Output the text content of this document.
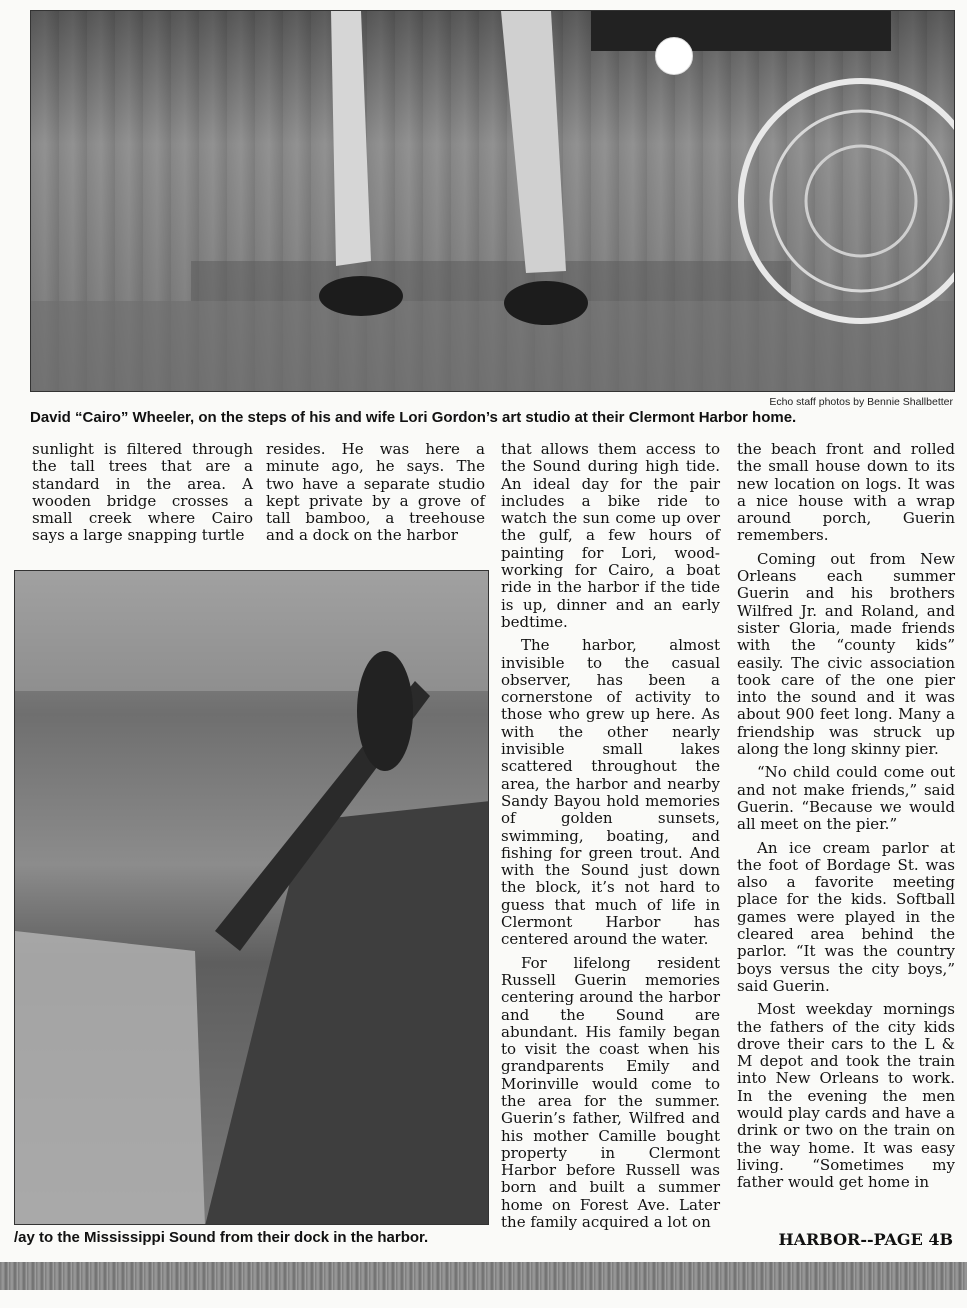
Echo staff photos by Bennie Shallbetter
David “Cairo” Wheeler, on the steps of his and wife Lori Gordon’s art studio at their Clermont Harbor home.
/ay to the Mississippi Sound from their dock in the harbor.

sunlight is filtered through the tall trees that are a standard in the area. A wooden bridge crosses a small creek where Cairo says a large snapping turtle

resides. He was here a minute ago, he says. The two have a separate studio kept private by a grove of tall bamboo, a treehouse and a dock on the harbor

that allows them access to the Sound during high tide. An ideal day for the pair includes a bike ride to watch the sun come up over the gulf, a few hours of painting for Lori, wood-working for Cairo, a boat ride in the harbor if the tide is up, dinner and an early bedtime.

The harbor, almost invisible to the casual observer, has been a cornerstone of activity to those who grew up here. As with the other nearly invisible small lakes scattered throughout the area, the harbor and nearby Sandy Bayou hold memories of golden sunsets, swimming, boating, and fishing for green trout. And with the Sound just down the block, it’s not hard to guess that much of life in Clermont Harbor has centered around the water.

For lifelong resident Russell Guerin memories centering around the harbor and the Sound are abundant. His family began to visit the coast when his grandparents Emily and Morinville would come to the area for the summer. Guerin’s father, Wilfred and his mother Camille bought property in Clermont Harbor before Russell was born and built a summer home on Forest Ave. Later the family acquired a lot on

the beach front and rolled the small house down to its new location on logs. It was a nice house with a wrap around porch, Guerin remembers.

Coming out from New Orleans each summer Guerin and his brothers Wilfred Jr. and Roland, and sister Gloria, made friends with the “county kids” easily. The civic association took care of the one pier into the sound and it was about 900 feet long. Many a friendship was struck up along the long skinny pier.

“No child could come out and not make friends,” said Guerin. “Because we would all meet on the pier.”

An ice cream parlor at the foot of Bordage St. was also a favorite meeting place for the kids. Softball games were played in the cleared area behind the parlor. “It was the country boys versus the city boys,” said Guerin.

Most weekday mornings the fathers of the city kids drove their cars to the L & M depot and took the train into New Orleans to work. In the evening the men would play cards and have a drink or two on the train on the way home. It was easy living. “Sometimes my father would get home in

HARBOR--PAGE 4B
